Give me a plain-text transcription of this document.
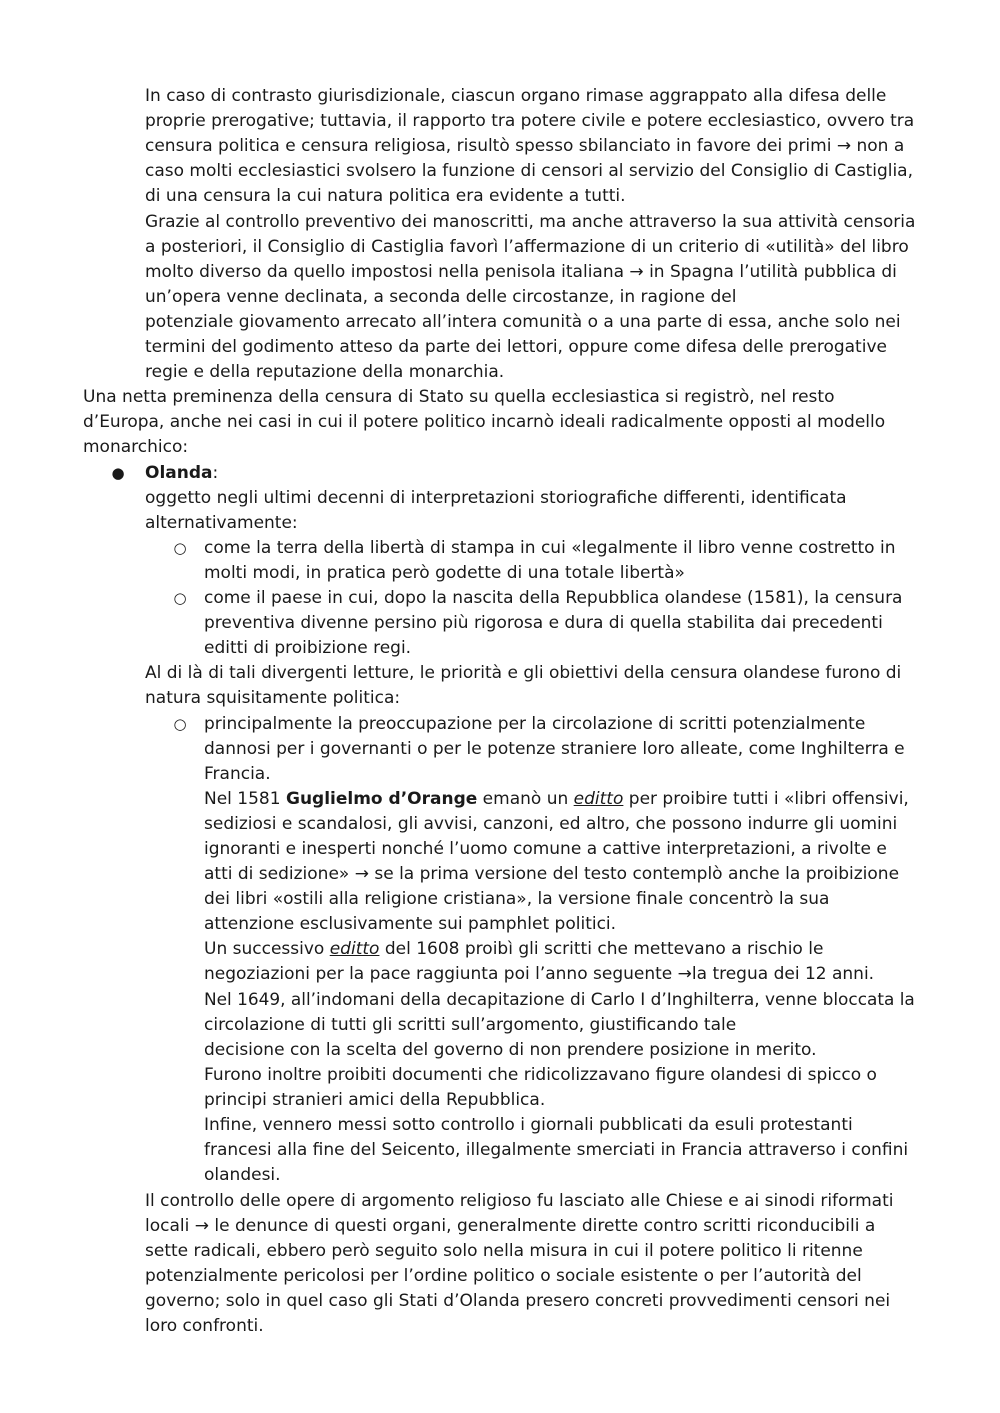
In caso di contrasto giurisdizionale, ciascun organo rimase aggrappato alla difesa delle
proprie prerogative; tuttavia, il rapporto tra potere civile e potere ecclesiastico, ovvero tra
censura politica e censura religiosa, risultò spesso sbilanciato in favore dei primi → non a
caso molti ecclesiastici svolsero la funzione di censori al servizio del Consiglio di Castiglia,
di una censura la cui natura politica era evidente a tutti.
Grazie al controllo preventivo dei manoscritti, ma anche attraverso la sua attività censoria
a posteriori, il Consiglio di Castiglia favorì l’affermazione di un criterio di «utilità» del libro
molto diverso da quello impostosi nella penisola italiana → in Spagna l’utilità pubblica di
un’opera venne declinata, a seconda delle circostanze, in ragione del
potenziale giovamento arrecato all’intera comunità o a una parte di essa, anche solo nei
termini del godimento atteso da parte dei lettori, oppure come difesa delle prerogative
regie e della reputazione della monarchia.
Una netta preminenza della censura di Stato su quella ecclesiastica si registrò, nel resto
d’Europa, anche nei casi in cui il potere politico incarnò ideali radicalmente opposti al modello
monarchico:
● Olanda:
oggetto negli ultimi decenni di interpretazioni storiografiche differenti, identificata
alternativamente:
○ come la terra della libertà di stampa in cui «legalmente il libro venne costretto in
molti modi, in pratica però godette di una totale libertà»
○ come il paese in cui, dopo la nascita della Repubblica olandese (1581), la censura
preventiva divenne persino più rigorosa e dura di quella stabilita dai precedenti
editti di proibizione regi.
Al di là di tali divergenti letture, le priorità e gli obiettivi della censura olandese furono di
natura squisitamente politica:
○ principalmente la preoccupazione per la circolazione di scritti potenzialmente
dannosi per i governanti o per le potenze straniere loro alleate, come Inghilterra e
Francia.
Nel 1581 Guglielmo d’Orange emanò un editto per proibire tutti i «libri offensivi,
sediziosi e scandalosi, gli avvisi, canzoni, ed altro, che possono indurre gli uomini
ignoranti e inesperti nonché l’uomo comune a cattive interpretazioni, a rivolte e
atti di sedizione» → se la prima versione del testo contemplò anche la proibizione
dei libri «ostili alla religione cristiana», la versione finale concentrò la sua
attenzione esclusivamente sui pamphlet politici.
Un successivo editto del 1608 proibì gli scritti che mettevano a rischio le
negoziazioni per la pace raggiunta poi l’anno seguente →la tregua dei 12 anni.
Nel 1649, all’indomani della decapitazione di Carlo I d’Inghilterra, venne bloccata la
circolazione di tutti gli scritti sull’argomento, giustificando tale
decisione con la scelta del governo di non prendere posizione in merito.
Furono inoltre proibiti documenti che ridicolizzavano figure olandesi di spicco o
principi stranieri amici della Repubblica.
Infine, vennero messi sotto controllo i giornali pubblicati da esuli protestanti
francesi alla fine del Seicento, illegalmente smerciati in Francia attraverso i confini
olandesi.
Il controllo delle opere di argomento religioso fu lasciato alle Chiese e ai sinodi riformati
locali → le denunce di questi organi, generalmente dirette contro scritti riconducibili a
sette radicali, ebbero però seguito solo nella misura in cui il potere politico li ritenne
potenzialmente pericolosi per l’ordine politico o sociale esistente o per l’autorità del
governo; solo in quel caso gli Stati d’Olanda presero concreti provvedimenti censori nei
loro confronti.
